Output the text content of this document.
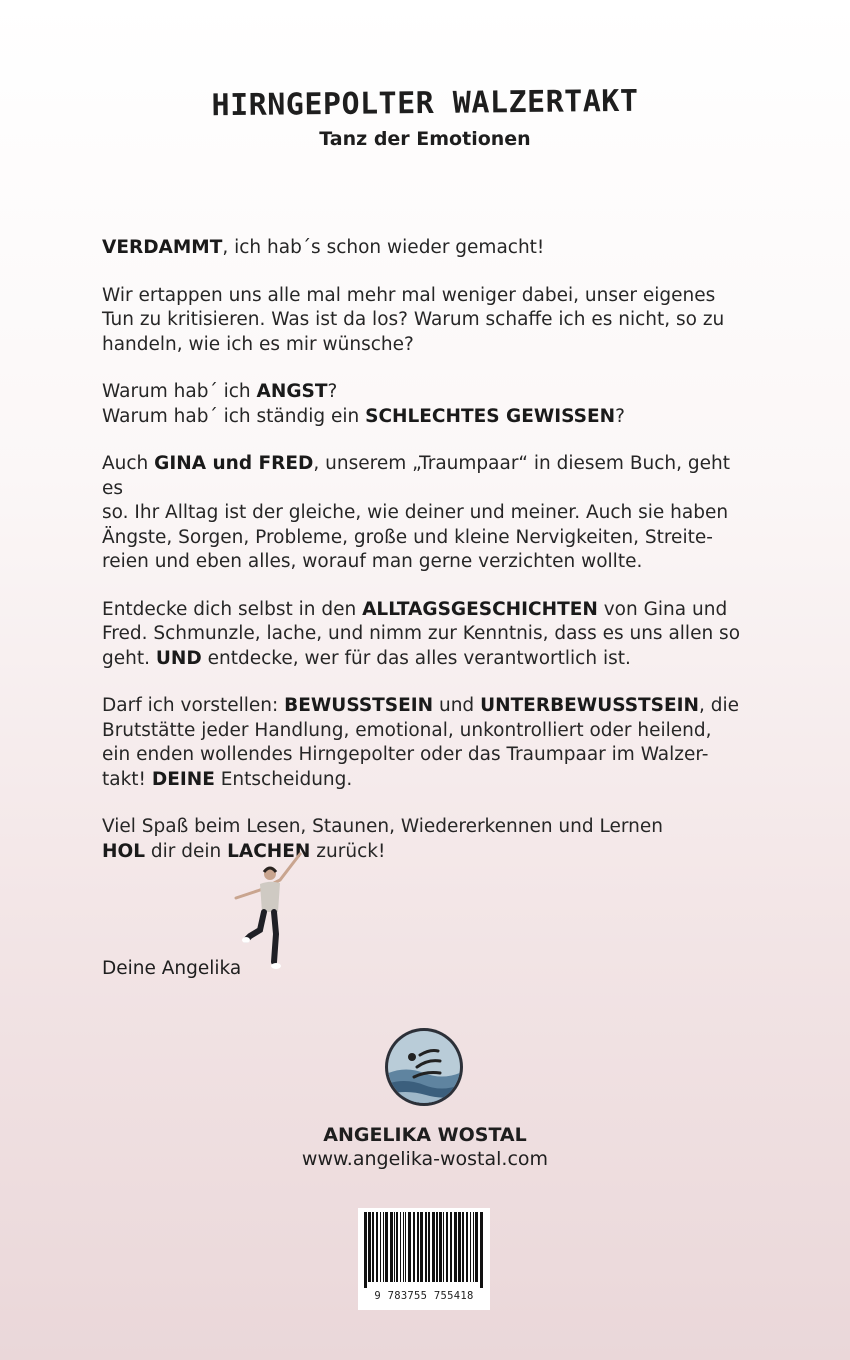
HIRNGEPOLTER WALZERTAKT
Tanz der Emotionen

VERDAMMT, ich hab´s schon wieder gemacht!

Wir ertappen uns alle mal mehr mal weniger dabei, unser eigenes
Tun zu kritisieren. Was ist da los? Warum schaffe ich es nicht, so zu
handeln, wie ich es mir wünsche?

Warum hab´ ich ANGST?
Warum hab´ ich ständig ein SCHLECHTES GEWISSEN?

Auch GINA und FRED, unserem „Traumpaar“ in diesem Buch, geht es
so. Ihr Alltag ist der gleiche, wie deiner und meiner. Auch sie haben
Ängste, Sorgen, Probleme, große und kleine Nervigkeiten, Streite-
reien und eben alles, worauf man gerne verzichten wollte.

Entdecke dich selbst in den ALLTAGSGESCHICHTEN von Gina und
Fred. Schmunzle, lache, und nimm zur Kenntnis, dass es uns allen so
geht. UND entdecke, wer für das alles verantwortlich ist.

Darf ich vorstellen: BEWUSSTSEIN und UNTERBEWUSSTSEIN, die
Brutstätte jeder Handlung, emotional, unkontrolliert oder heilend,
ein enden wollendes Hirngepolter oder das Traumpaar im Walzer-
takt! DEINE Entscheidung.

Viel Spaß beim Lesen, Staunen, Wiedererkennen und Lernen
HOL dir dein LACHEN zurück!

Deine Angelika
ANGELIKA WOSTAL
www.angelika-wostal.com
9 783755 755418
